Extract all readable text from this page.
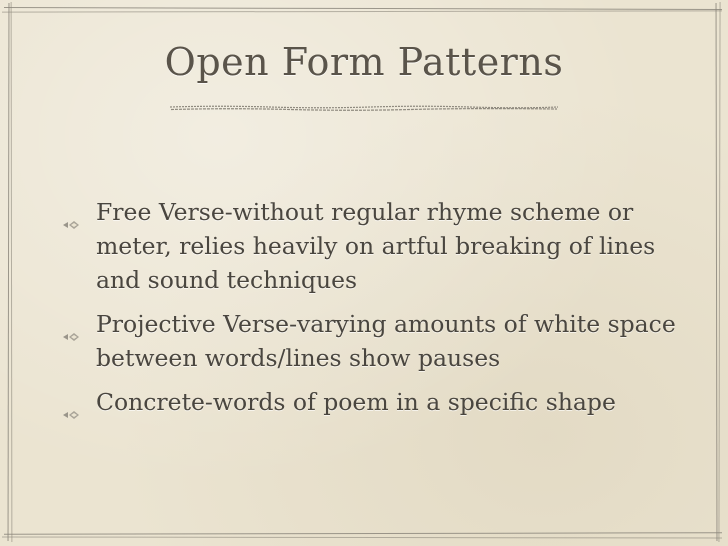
Open Form Patterns
Free Verse-without regular rhyme scheme or meter, relies heavily on artful breaking of lines and sound techniques
Projective Verse-varying amounts of white space between words/lines show pauses
Concrete-words of poem in a specific shape
